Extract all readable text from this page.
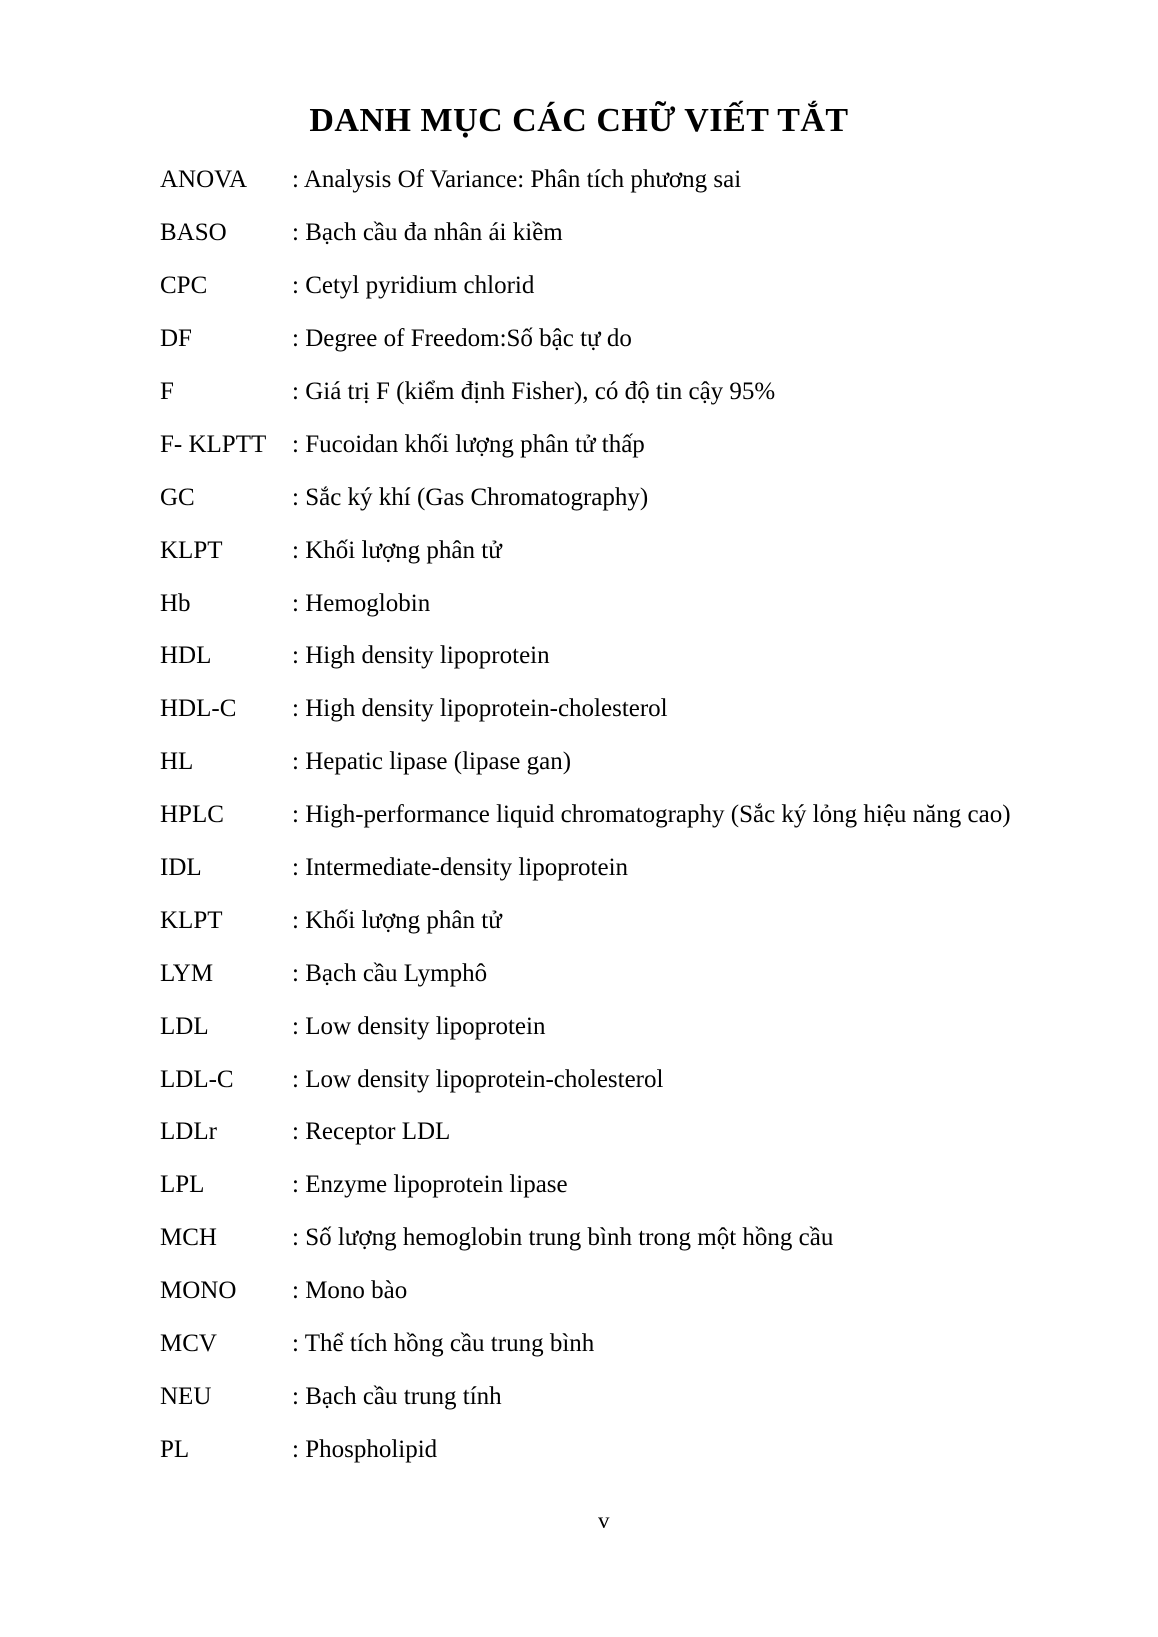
DANH MỤC CÁC CHỮ VIẾT TẮT
ANOVA	: Analysis Of Variance: Phân tích phương sai
BASO	: Bạch cầu đa nhân ái kiềm
CPC	: Cetyl pyridium chlorid
DF	: Degree of Freedom:Số bậc tự do
F	: Giá trị F (kiểm định Fisher), có độ tin cậy 95%
F- KLPTT	: Fucoidan khối lượng phân tử thấp
GC	: Sắc ký khí (Gas Chromatography)
KLPT	: Khối lượng phân tử
Hb	: Hemoglobin
HDL	: High density lipoprotein
HDL-C	: High density lipoprotein-cholesterol
HL	: Hepatic lipase (lipase gan)
HPLC	: High-performance liquid chromatography (Sắc ký lỏng hiệu năng cao)
IDL	: Intermediate-density lipoprotein
KLPT	: Khối lượng phân tử
LYM	: Bạch cầu Lymphô
LDL	: Low density lipoprotein
LDL-C	: Low density lipoprotein-cholesterol
LDLr	: Receptor LDL
LPL	: Enzyme lipoprotein lipase
MCH	: Số lượng hemoglobin trung bình trong một hồng cầu
MONO	: Mono bào
MCV	: Thể tích hồng cầu trung bình
NEU	: Bạch cầu trung tính
PL	: Phospholipid
v
